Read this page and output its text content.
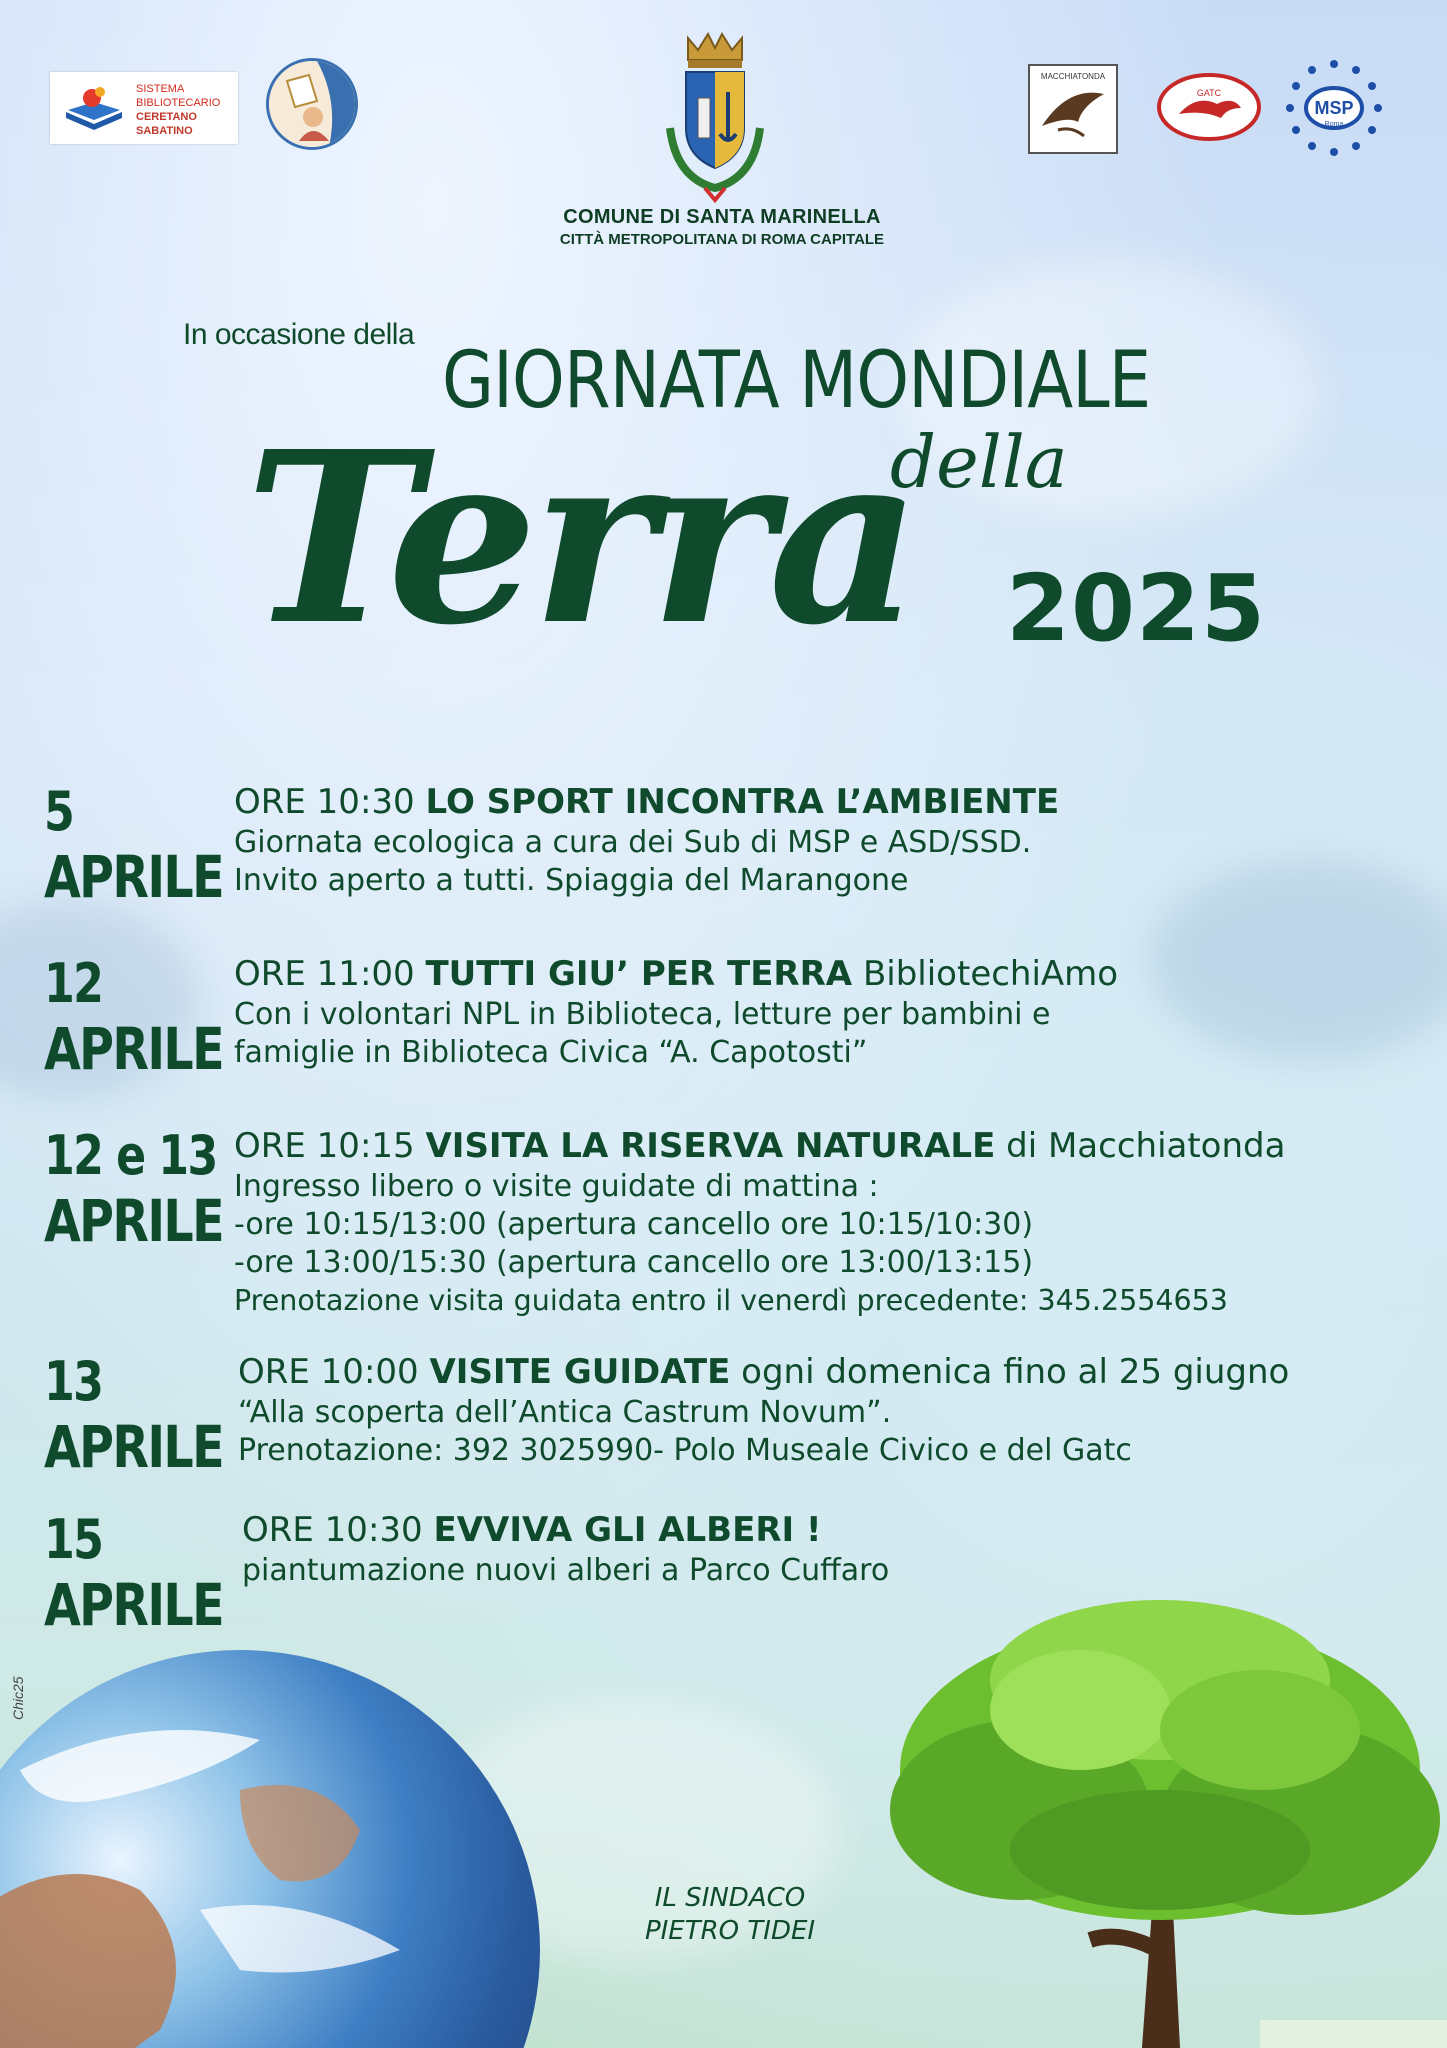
SISTEMA
BIBLIOTECARIO
CERETANO
SABATINO
COMUNE DI SANTA MARINELLA
CITTÀ METROPOLITANA DI ROMA CAPITALE
MACCHIATONDA
GATC
MSP
Roma
In occasione della
GIORNATA MONDIALE
della
Terra 2025
5
APRILE
ORE 10:30 LO SPORT INCONTRA L’AMBIENTE
Giornata ecologica a cura dei Sub di MSP e ASD/SSD.
Invito aperto a tutti. Spiaggia del Marangone
12
APRILE
ORE 11:00 TUTTI GIU’ PER TERRA BibliotechiAmo
Con i volontari NPL in Biblioteca, letture per bambini e
famiglie in Biblioteca Civica “A. Capotosti”
12 e 13
APRILE
ORE 10:15 VISITA LA RISERVA NATURALE di Macchiatonda
Ingresso libero o visite guidate di mattina :
-ore 10:15/13:00 (apertura cancello ore 10:15/10:30)
-ore 13:00/15:30 (apertura cancello ore 13:00/13:15)
Prenotazione visita guidata entro il venerdì precedente: 345.2554653
13
APRILE
ORE 10:00 VISITE GUIDATE ogni domenica fino al 25 giugno
“Alla scoperta dell’Antica Castrum Novum”.
Prenotazione: 392 3025990- Polo Museale Civico e del Gatc
15
APRILE
ORE 10:30 EVVIVA GLI ALBERI !
piantumazione nuovi alberi a Parco Cuffaro
IL SINDACO
PIETRO TIDEI
Chic25
